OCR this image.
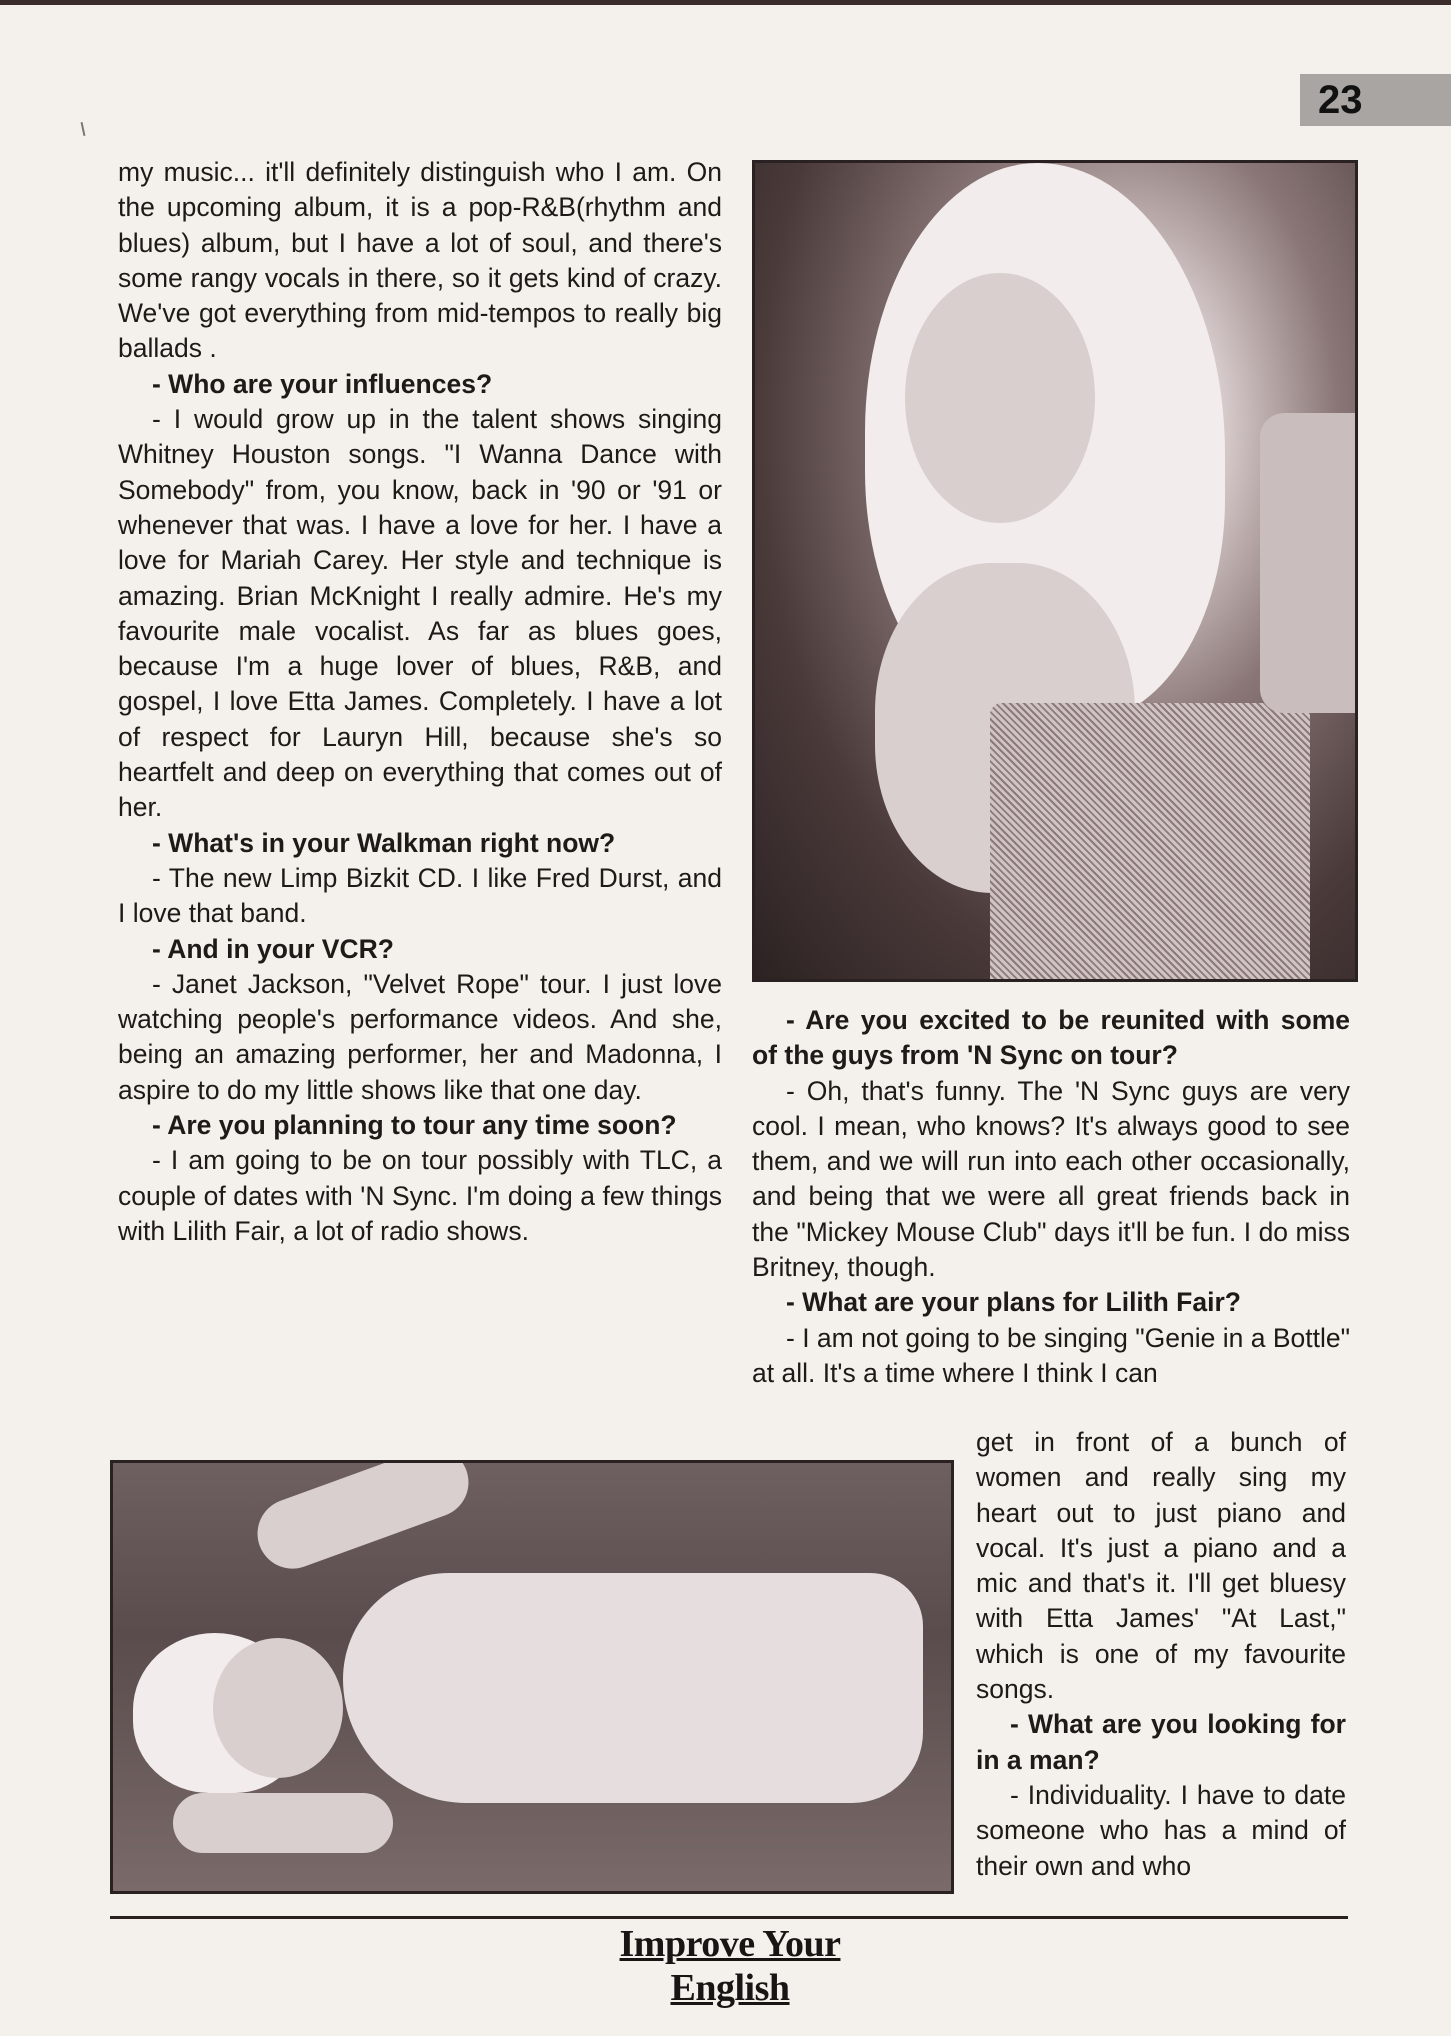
23

my music... it'll definitely distinguish who I am. On the upcoming album, it is a pop-R&B(rhythm and blues) album, but I have a lot of soul, and there's some rangy vocals in there, so it gets kind of crazy. We've got everything from mid-tempos to really big ballads .

- Who are your influences?

- I would grow up in the talent shows singing Whitney Houston songs. "I Wanna Dance with Somebody" from, you know, back in '90 or '91 or whenever that was. I have a love for her. I have a love for Mariah Carey. Her style and technique is amazing. Brian McKnight I really admire. He's my favourite male vocalist. As far as blues goes, because I'm a huge lover of blues, R&B, and gospel, I love Etta James. Completely. I have a lot of respect for Lauryn Hill, because she's so heartfelt and deep on everything that comes out of her.

- What's in your Walkman right now?

- The new Limp Bizkit CD. I like Fred Durst, and I love that band.

- And in your VCR?

- Janet Jackson, "Velvet Rope" tour. I just love watching people's performance videos. And she, being an amazing performer, her and Madonna, I aspire to do my little shows like that one day.

- Are you planning to tour any time soon?

- I am going to be on tour possibly with TLC, a couple of dates with 'N Sync. I'm doing a few things with Lilith Fair, a lot of radio shows.

- Are you excited to be reunited with some of the guys from 'N Sync on tour?

- Oh, that's funny. The 'N Sync guys are very cool. I mean, who knows? It's always good to see them, and we will run into each other occasionally, and being that we were all great friends back in the "Mickey Mouse Club" days it'll be fun. I do miss Britney, though.

- What are your plans for Lilith Fair?

- I am not going to be singing "Genie in a Bottle" at all. It's a time where I think I can

get in front of a bunch of women and really sing my heart out to just piano and vocal. It's just a piano and a mic and that's it. I'll get bluesy with Etta James' "At Last," which is one of my favourite songs.

- What are you looking for in a man?

- Individuality. I have to date someone who has a mind of their own and who

Improve Your English
